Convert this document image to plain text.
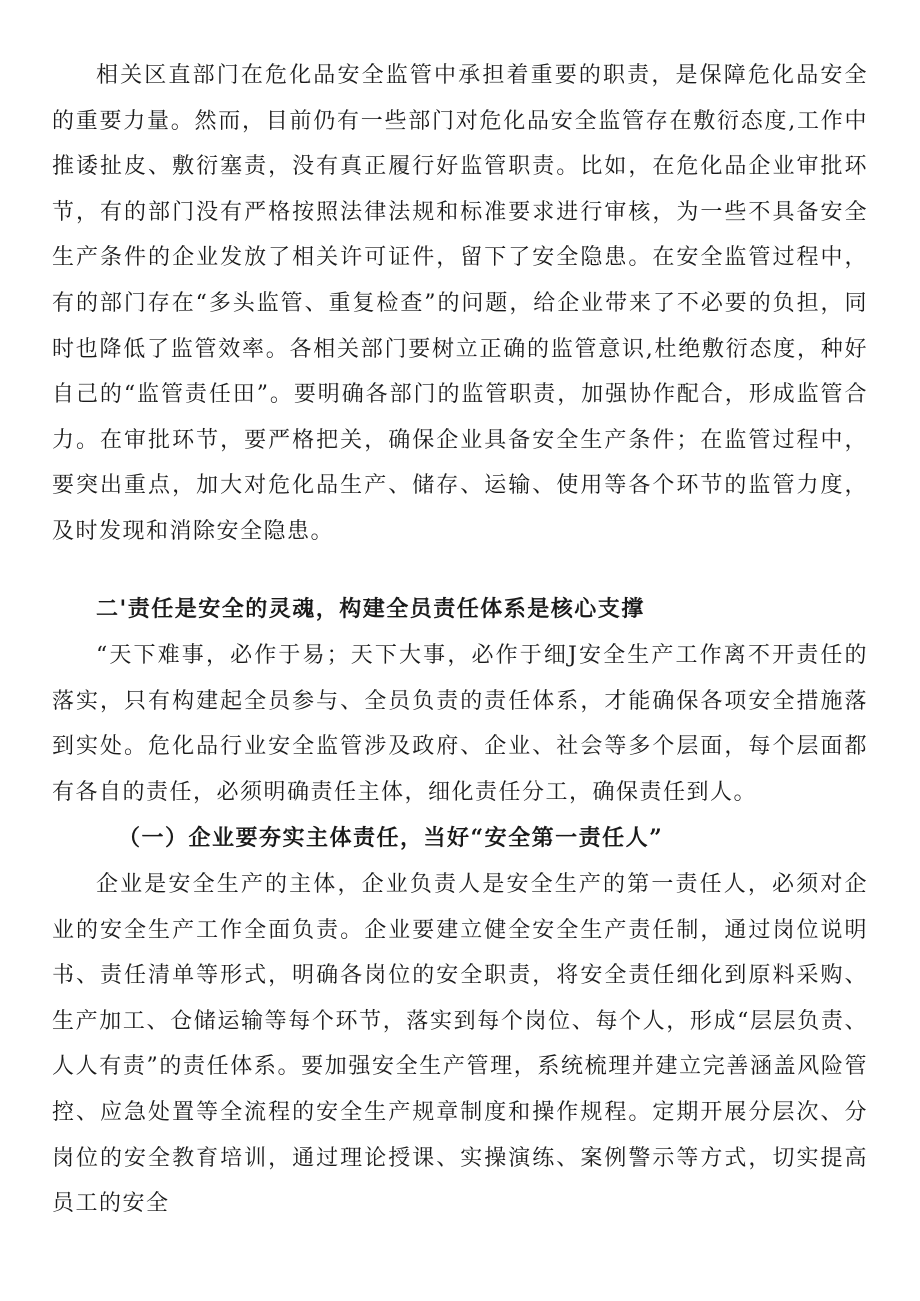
相关区直部门在危化品安全监管中承担着重要的职责，是保障危化品安全的重要力量。然而，目前仍有一些部门对危化品安全监管存在敷衍态度,工作中推诿扯皮、敷衍塞责，没有真正履行好监管职责。比如，在危化品企业审批环节，有的部门没有严格按照法律法规和标准要求进行审核，为一些不具备安全生产条件的企业发放了相关许可证件，留下了安全隐患。在安全监管过程中，有的部门存在“多头监管、重复检查”的问题，给企业带来了不必要的负担，同时也降低了监管效率。各相关部门要树立正确的监管意识,杜绝敷衍态度，种好自己的“监管责任田”。要明确各部门的监管职责，加强协作配合，形成监管合力。在审批环节，要严格把关，确保企业具备安全生产条件；在监管过程中，要突出重点，加大对危化品生产、储存、运输、使用等各个环节的监管力度，及时发现和消除安全隐患。

二'责任是安全的灵魂，构建全员责任体系是核心支撑

“天下难事，必作于易；天下大事，必作于细J安全生产工作离不开责任的落实，只有构建起全员参与、全员负责的责任体系，才能确保各项安全措施落到实处。危化品行业安全监管涉及政府、企业、社会等多个层面，每个层面都有各自的责任，必须明确责任主体，细化责任分工，确保责任到人。

（一）企业要夯实主体责任，当好“安全第一责任人”

企业是安全生产的主体，企业负责人是安全生产的第一责任人，必须对企业的安全生产工作全面负责。企业要建立健全安全生产责任制，通过岗位说明书、责任清单等形式，明确各岗位的安全职责，将安全责任细化到原料采购、生产加工、仓储运输等每个环节，落实到每个岗位、每个人，形成“层层负责、人人有责”的责任体系。要加强安全生产管理，系统梳理并建立完善涵盖风险管控、应急处置等全流程的安全生产规章制度和操作规程。定期开展分层次、分岗位的安全教育培训，通过理论授课、实操演练、案例警示等方式，切实提高员工的安全
